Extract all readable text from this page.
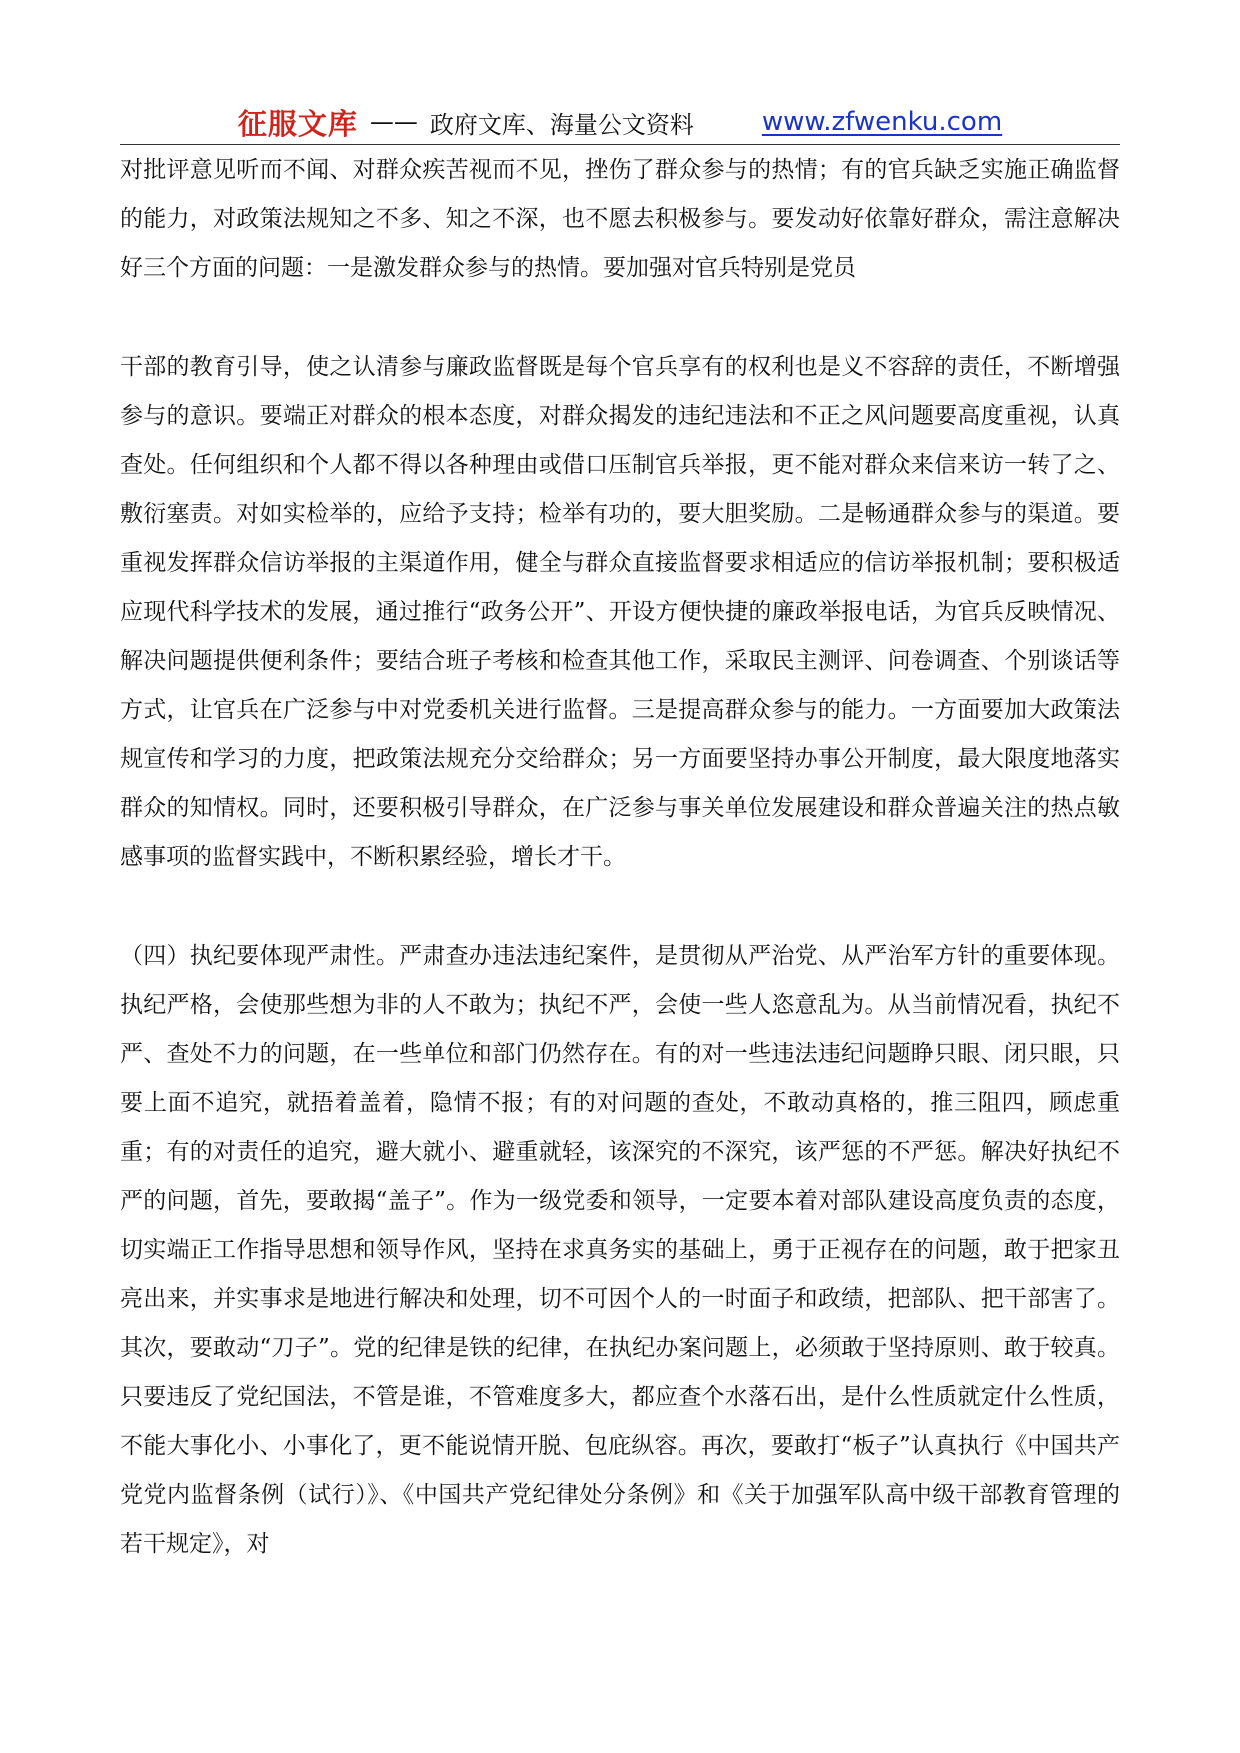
征服文库 —— 政府文库、海量公文资料	www.zfwenku.com

对批评意见听而不闻、对群众疾苦视而不见，挫伤了群众参与的热情；有的官兵缺乏实施正确监督的能力，对政策法规知之不多、知之不深，也不愿去积极参与。要发动好依靠好群众，需注意解决好三个方面的问题：一是激发群众参与的热情。要加强对官兵特别是党员

干部的教育引导，使之认清参与廉政监督既是每个官兵享有的权利也是义不容辞的责任，不断增强参与的意识。要端正对群众的根本态度，对群众揭发的违纪违法和不正之风问题要高度重视，认真查处。任何组织和个人都不得以各种理由或借口压制官兵举报，更不能对群众来信来访一转了之、敷衍塞责。对如实检举的，应给予支持；检举有功的，要大胆奖励。二是畅通群众参与的渠道。要重视发挥群众信访举报的主渠道作用，健全与群众直接监督要求相适应的信访举报机制；要积极适应现代科学技术的发展，通过推行“政务公开”、开设方便快捷的廉政举报电话，为官兵反映情况、解决问题提供便利条件；要结合班子考核和检查其他工作，采取民主测评、问卷调查、个别谈话等方式，让官兵在广泛参与中对党委机关进行监督。三是提高群众参与的能力。一方面要加大政策法规宣传和学习的力度，把政策法规充分交给群众；另一方面要坚持办事公开制度，最大限度地落实群众的知情权。同时，还要积极引导群众，在广泛参与事关单位发展建设和群众普遍关注的热点敏感事项的监督实践中，不断积累经验，增长才干。

（四）执纪要体现严肃性。严肃查办违法违纪案件，是贯彻从严治党、从严治军方针的重要体现。执纪严格，会使那些想为非的人不敢为；执纪不严，会使一些人恣意乱为。从当前情况看，执纪不严、查处不力的问题，在一些单位和部门仍然存在。有的对一些违法违纪问题睁只眼、闭只眼，只要上面不追究，就捂着盖着，隐情不报；有的对问题的查处，不敢动真格的，推三阻四，顾虑重重；有的对责任的追究，避大就小、避重就轻，该深究的不深究，该严惩的不严惩。解决好执纪不严的问题，首先，要敢揭“盖子”。作为一级党委和领导，一定要本着对部队建设高度负责的态度，切实端正工作指导思想和领导作风，坚持在求真务实的基础上，勇于正视存在的问题，敢于把家丑亮出来，并实事求是地进行解决和处理，切不可因个人的一时面子和政绩，把部队、把干部害了。其次，要敢动“刀子”。党的纪律是铁的纪律，在执纪办案问题上，必须敢于坚持原则、敢于较真。只要违反了党纪国法，不管是谁，不管难度多大，都应查个水落石出，是什么性质就定什么性质，不能大事化小、小事化了，更不能说情开脱、包庇纵容。再次，要敢打“板子”认真执行《中国共产党党内监督条例（试行）》、《中国共产党纪律处分条例》和《关于加强军队高中级干部教育管理的若干规定》，对
